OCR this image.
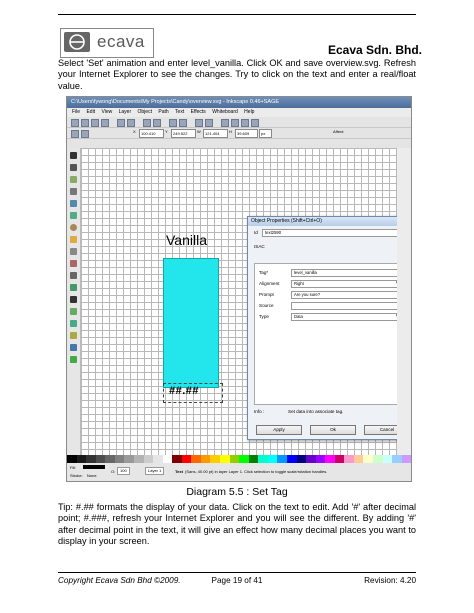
ecava	Ecava Sdn. Bhd.
Select 'Set' animation and enter level_vanilla. Click OK and save overview.svg. Refresh your Internet Explorer to see the changes. Try to click on the text and enter a real/float value.
C:\Users\fywong\Documents\My Projects\Candy\overview.svg - Inkscape 0.46+SAGE
File Edit View Layer Object Path Text Effects Whiteboard Help
X	100.410	Y	249.522	W	121.404	H	39.609	px	Affect:
Vanilla
##.##
Object Properties (Shift+Ctrl+O)
Id	text2590
ISAC
Tag*	level_vanilla
Alignment	Right
Prompt	Are you sure?
Source
Type	Data
Info :	Set data into associate tag.
Apply	Ok	Cancel
Fill:
Stroke: None
O:	100	Layer 1	Text (Sans, 40.00 pt) in layer Layer 1. Click selection to toggle scale/rotation handles.
Diagram 5.5 : Set Tag
Tip: #.## formats the display of your data. Click on the text to edit. Add '#' after decimal point; #.###, refresh your Internet Explorer and you will see the different. By adding '#' after decimal point in the text, it will give an effect how many decimal places you want to display in your screen.
Copyright Ecava Sdn Bhd ©2009.	Page 19 of 41	Revision: 4.20
